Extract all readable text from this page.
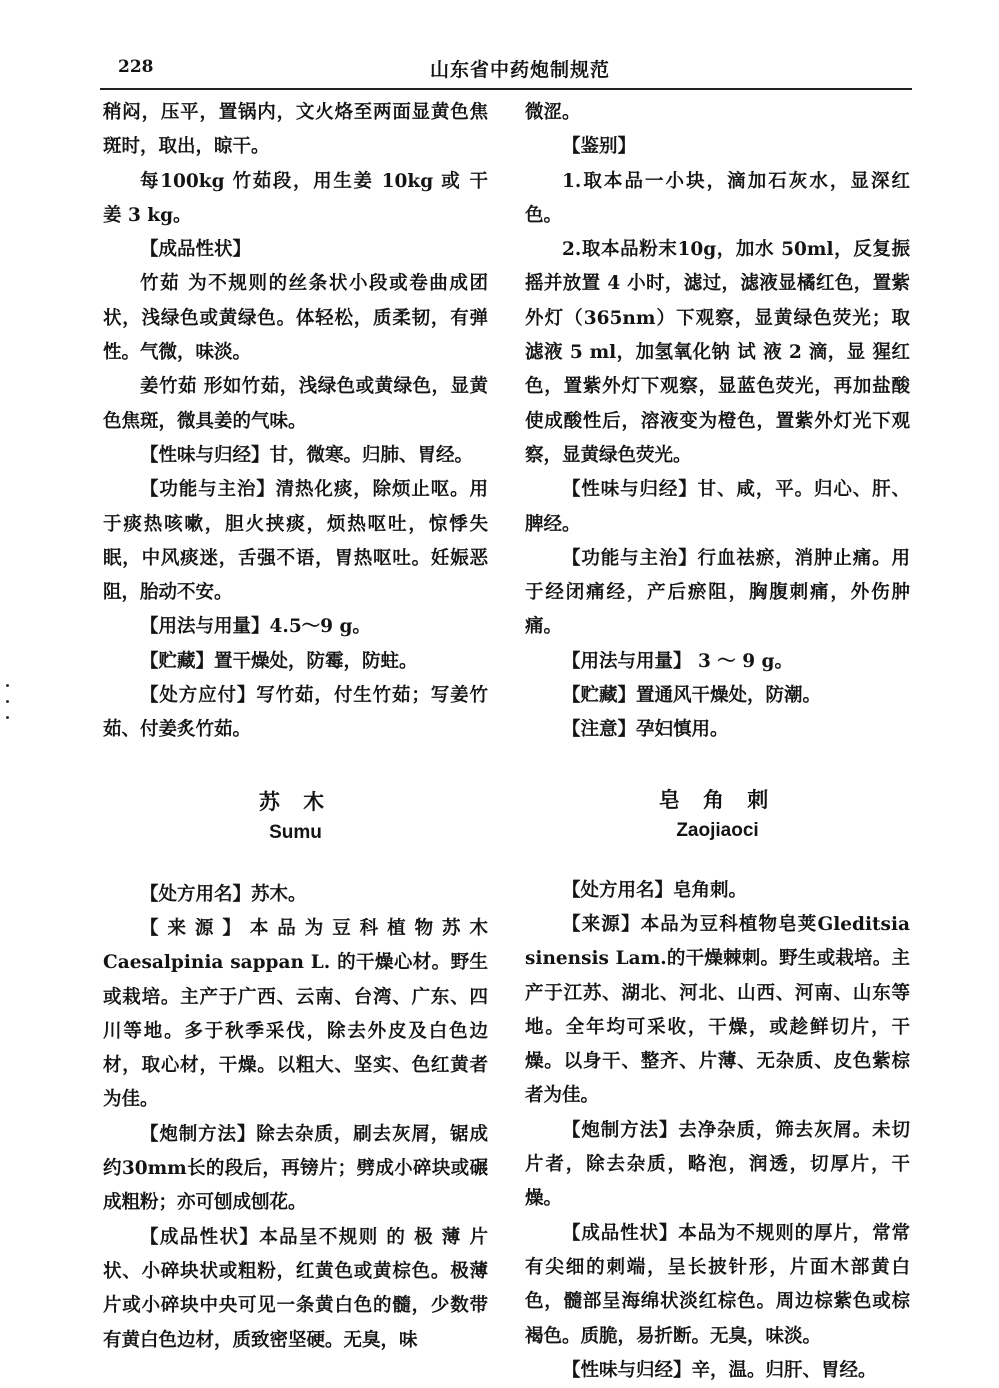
228	山东省中药炮制规范

稍闷，压平，置锅内，文火烙至两面显黄色焦斑时，取出，晾干。

每100kg 竹茹段，用生姜 10kg 或 干 姜 3 kg。

【成品性状】

竹茹 为不规则的丝条状小段或卷曲成团状，浅绿色或黄绿色。体轻松，质柔韧，有弹性。气微，味淡。

姜竹茹 形如竹茹，浅绿色或黄绿色，显黄色焦斑，微具姜的气味。

【性味与归经】甘，微寒。归肺、胃经。

【功能与主治】清热化痰，除烦止呕。用于痰热咳嗽，胆火挟痰，烦热呕吐，惊悸失眠，中风痰迷，舌强不语，胃热呕吐。妊娠恶阻，胎动不安。

【用法与用量】4.5～9 g。

【贮藏】置干燥处，防霉，防蛀。

【处方应付】写竹茹，付生竹茹；写姜竹茹、付姜炙竹茹。

苏 木

Sumu

【处方用名】苏木。

【来源】本品为豆科植物苏木 Caesalpinia sappan L. 的干燥心材。野生或栽培。主产于广西、云南、台湾、广东、四川等地。多于秋季采伐，除去外皮及白色边材，取心材，干燥。以粗大、坚实、色红黄者为佳。

【炮制方法】除去杂质，刷去灰屑，锯成约30mm长的段后，再镑片；劈成小碎块或碾成粗粉；亦可刨成刨花。

【成品性状】本品呈不规则 的 极 薄 片状、小碎块状或粗粉，红黄色或黄棕色。极薄片或小碎块中央可见一条黄白色的髓，少数带有黄白色边材，质致密坚硬。无臭，味

微涩。

【鉴别】

1.取本品一小块，滴加石灰水，显深红色。

2.取本品粉末10g，加水 50ml，反复振摇并放置 4 小时，滤过，滤液显橘红色，置紫外灯（365nm）下观察，显黄绿色荧光；取滤液 5 ml，加氢氧化钠 试 液 2 滴，显 猩红色，置紫外灯下观察，显蓝色荧光，再加盐酸使成酸性后，溶液变为橙色，置紫外灯光下观察，显黄绿色荧光。

【性味与归经】甘、咸，平。归心、肝、脾经。

【功能与主治】行血祛瘀，消肿止痛。用于经闭痛经，产后瘀阻，胸腹刺痛，外伤肿痛。

【用法与用量】 3 ～ 9 g。

【贮藏】置通风干燥处，防潮。

【注意】孕妇慎用。

皂 角 刺

Zaojiaoci

【处方用名】皂角刺。

【来源】本品为豆科植物皂荚Gleditsia sinensis Lam.的干燥棘刺。野生或栽培。主产于江苏、湖北、河北、山西、河南、山东等地。全年均可采收，干燥，或趁鲜切片，干燥。以身干、整齐、片薄、无杂质、皮色紫棕者为佳。

【炮制方法】去净杂质，筛去灰屑。未切片者，除去杂质，略泡，润透，切厚片，干燥。

【成品性状】本品为不规则的厚片，常常有尖细的刺端，呈长披针形，片面木部黄白色，髓部呈海绵状淡红棕色。周边棕紫色或棕褐色。质脆，易折断。无臭，味淡。

【性味与归经】辛，温。归肝、胃经。
